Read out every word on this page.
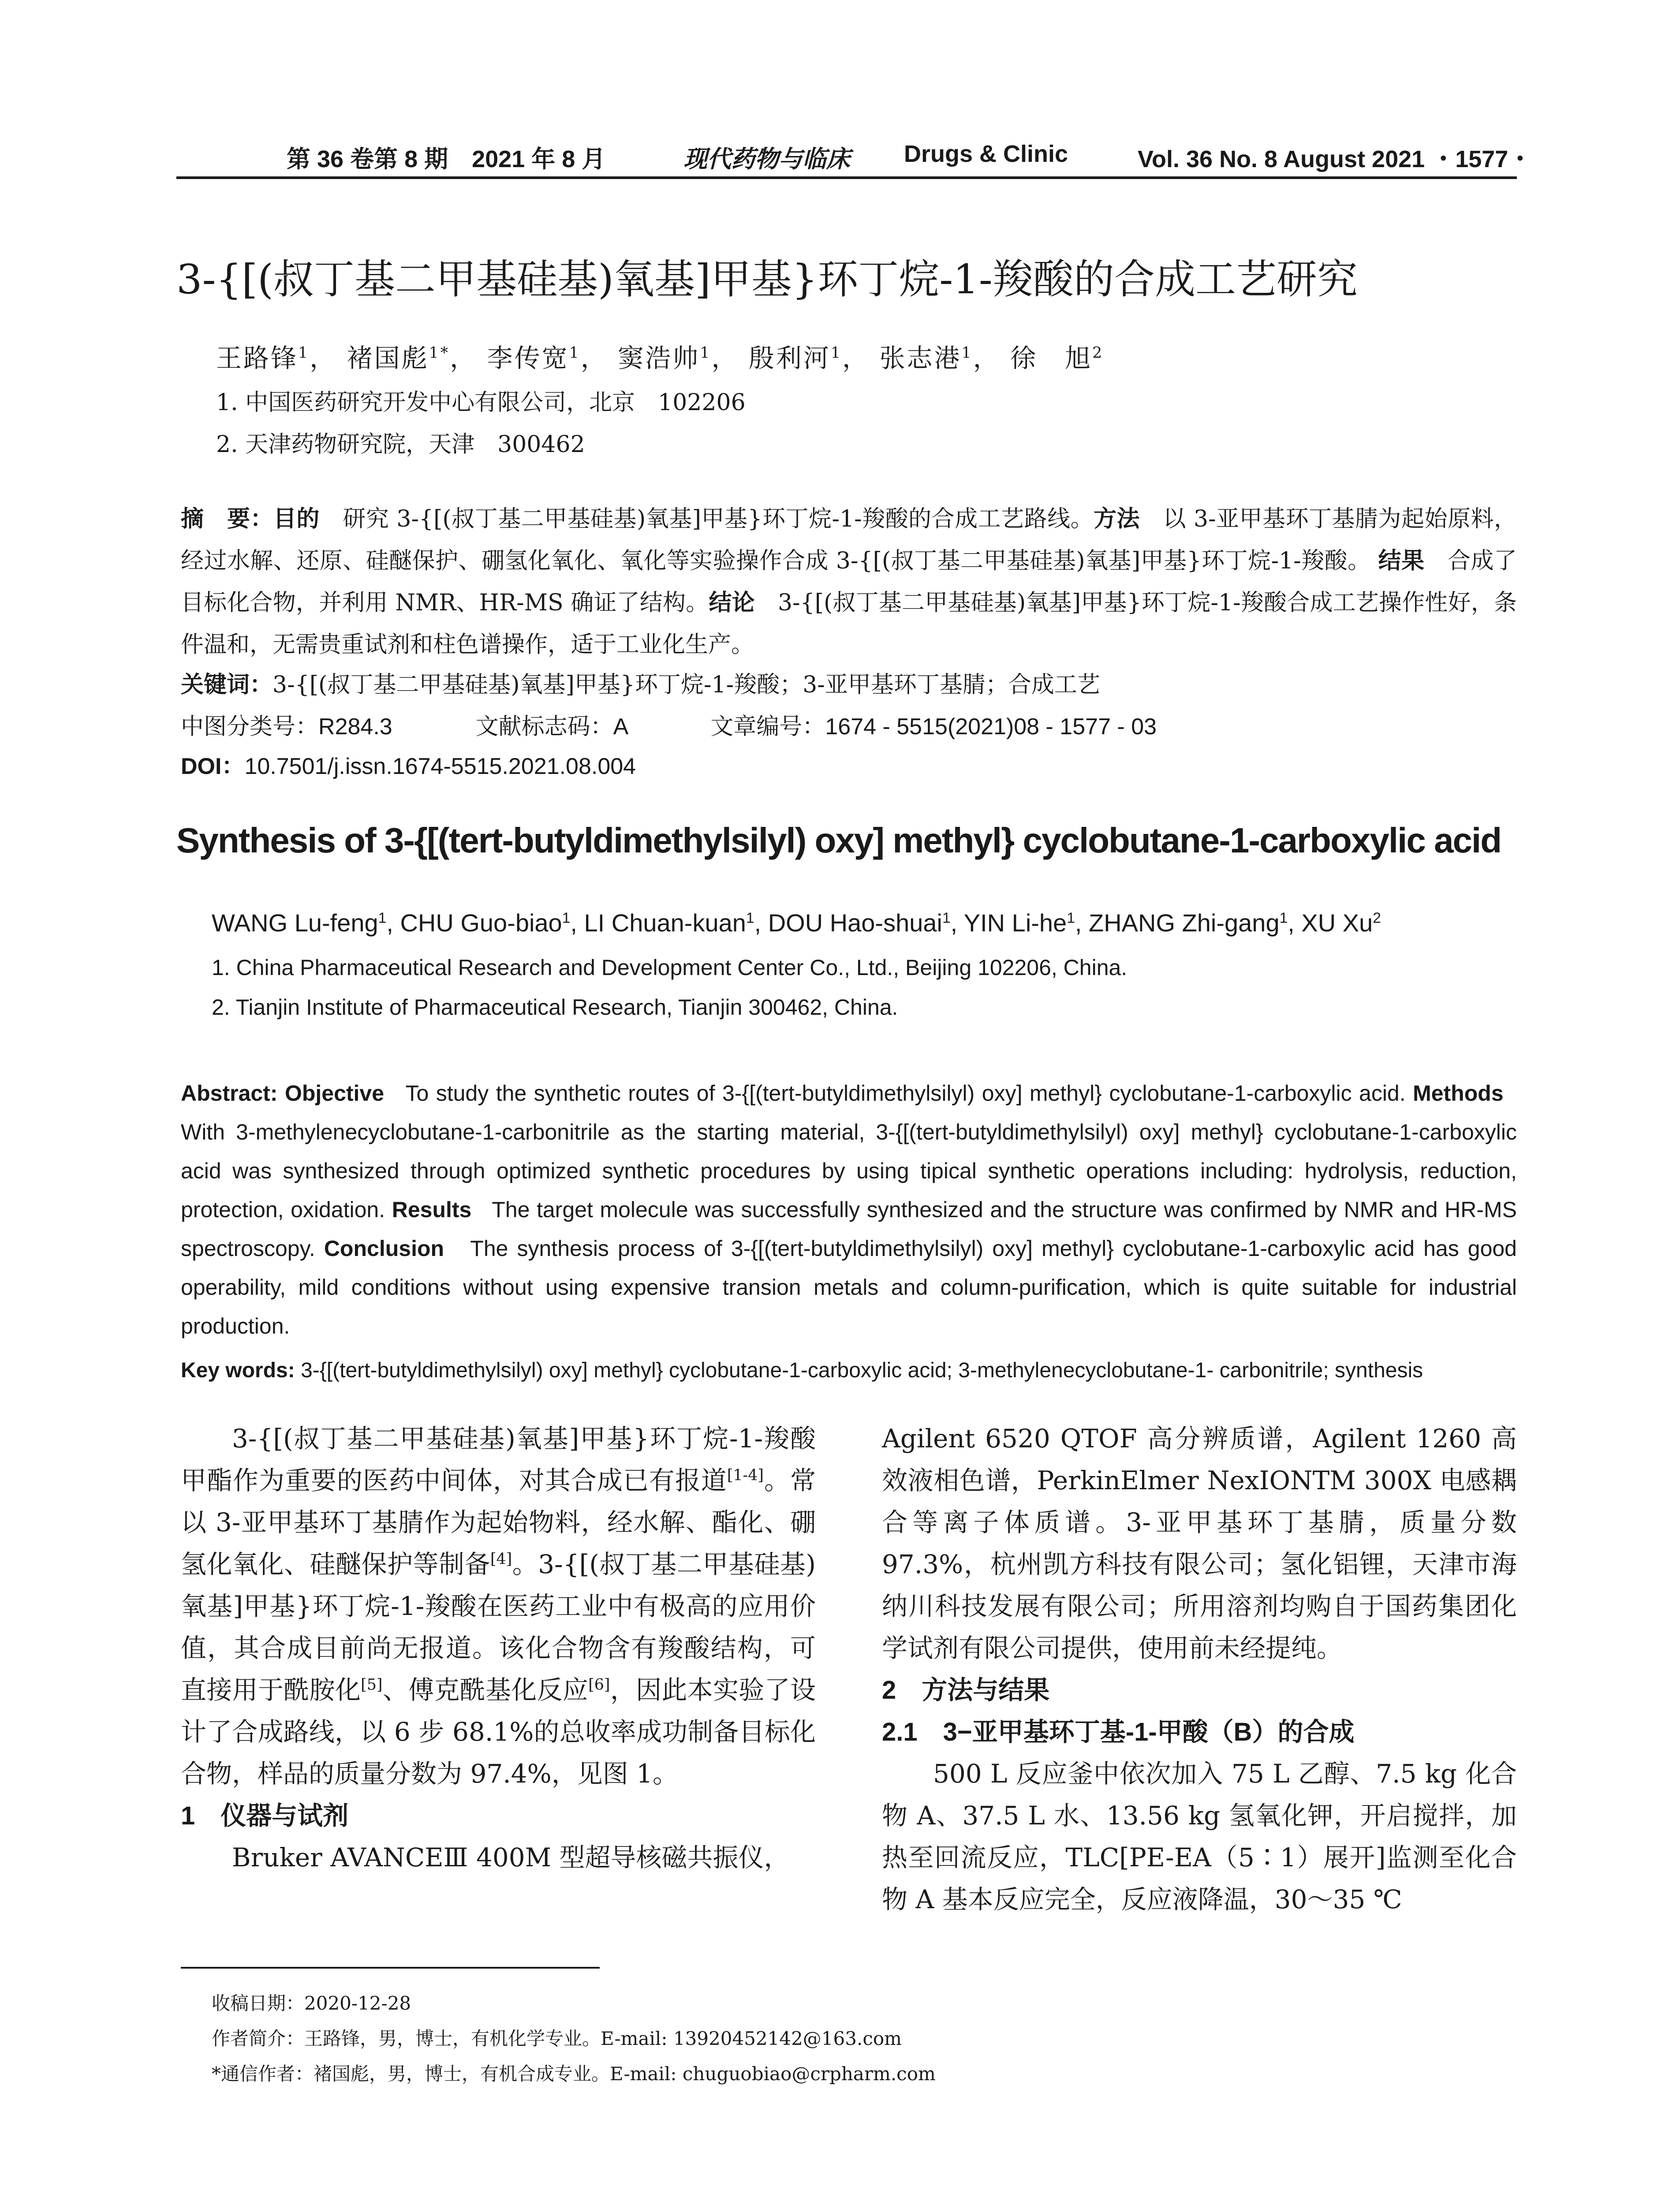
第 36 卷第 8 期　2021 年 8 月	现代药物与临床 Drugs & Clinic	Vol. 36 No. 8 August 2021 ・1577・
3-{[(叔丁基二甲基硅基)氧基]甲基}环丁烷-1-羧酸的合成工艺研究
王路锋$^1$， 褚国彪$^{1*}$， 李传宽$^1$， 窦浩帅$^1$， 殷利河$^1$， 张志港$^1$， 徐　旭$^2$
1. 中国医药研究开发中心有限公司，北京　102206
2. 天津药物研究院，天津　300462
摘　要：目的　 研究 3-{[(叔丁基二甲基硅基)氧基]甲基}环丁烷-1-羧酸的合成工艺路线。方法　 以 3-亚甲基环丁基腈为起始原料，经过水解、还原、硅醚保护、硼氢化氧化、氧化等实验操作合成 3-{[(叔丁基二甲基硅基)氧基]甲基}环丁烷-1-羧酸。 结果　 合成了目标化合物，并利用 NMR、HR-MS 确证了结构。结论　 3-{[(叔丁基二甲基硅基)氧基]甲基}环丁烷-1-羧酸合成工艺操作性好，条件温和，无需贵重试剂和柱色谱操作，适于工业化生产。
关键词：3-{[(叔丁基二甲基硅基)氧基]甲基}环丁烷-1-羧酸；3-亚甲基环丁基腈；合成工艺
中图分类号：R284.3	文献标志码：A	文章编号：1674 - 5515(2021)08 - 1577 - 03
DOI：10.7501/j.issn.1674-5515.2021.08.004
Synthesis of 3-{[(tert-butyldimethylsilyl) oxy] methyl} cyclobutane-1-carboxylic acid
WANG Lu-feng$^1$, CHU Guo-biao$^1$, LI Chuan-kuan$^1$, DOU Hao-shuai$^1$, YIN $Li-he^1$, ZHANG Zhi-gang$^1$, XU Xu$^2$
1. China Pharmaceutical Research and Development Center Co., Ltd., Beijing 102206, China.
2. Tianjin Institute of Pharmaceutical Research, Tianjin 300462, China.
Abstract: Objective To study the synthetic routes of 3-{[(tert-butyldimethylsilyl) oxy] methyl} cyclobutane-1-carboxylic acid. Methods   With 3-methylenecyclobutane-1-carbonitrile as the starting material, 3-{[(tert-butyldimethylsilyl) oxy] methyl} cyclobutane-1-carboxylic acid was synthesized through optimized synthetic procedures by using tipical synthetic operations including: hydrolysis, reduction, protection, oxidation. Results The target molecule was successfully synthesized and the structure was confirmed by NMR and HR-MS spectroscopy. Conclusion The synthesis process of 3-{[(tert-butyldimethylsilyl) oxy] methyl} cyclobutane-1-carboxylic acid has good operability, mild conditions without using expensive transion metals and column-purification, which is quite suitable for industrial production.
Key words: 3-{[(tert-butyldimethylsilyl) oxy] methyl} cyclobutane-1-carboxylic acid; 3-methylenecyclobutane-1- carbonitrile; synthesis
3-{[(叔丁基二甲基硅基)氧基]甲基}环丁烷-1-羧酸甲酯作为重要的医药中间体，对其合成已有报道[1-4]。常以 3-亚甲基环丁基腈作为起始物料，经水解、酯化、硼氢化氧化、硅醚保护等制备[4]。3-{[(叔丁基二甲基硅基)氧基]甲基}环丁烷-1-羧酸在医药工业中有极高的应用价值，其合成目前尚无报道。该化合物含有羧酸结构，可直接用于酰胺化[5]、傅克酰基化反应[6]，因此本实验了设计了合成路线，以 6 步 68.1%的总收率成功制备目标化合物，样品的质量分数为 97.4%，见图 1。
1　仪器与试剂
Bruker AVANCEⅢ 400M 型超导核磁共振仪，
Agilent 6520 QTOF 高分辨质谱，Agilent 1260 高效液相色谱，PerkinElmer NexIONTM 300X 电感耦合等离子体质谱。3-亚甲基环丁基腈，质量分数 97.3%，杭州凯方科技有限公司；氢化铝锂，天津市海纳川科技发展有限公司；所用溶剂均购自于国药集团化学试剂有限公司提供，使用前未经提纯。
2　方法与结果
2.1　3−亚甲基环丁基-1-甲酸（B）的合成
500 L 反应釜中依次加入 75 L 乙醇、7.5 kg 化合物 A、37.5 L 水、13.56 kg 氢氧化钾，开启搅拌，加热至回流反应，TLC[PE-EA（5∶1）展开]监测至化合物 A 基本反应完全，反应液降温，30～35 ℃
收稿日期：2020-12-28
作者简介：王路锋，男，博士，有机化学专业。E-mail: 13920452142@163.com
*通信作者：褚国彪，男，博士，有机合成专业。E-mail: chuguobiao@crpharm.com
